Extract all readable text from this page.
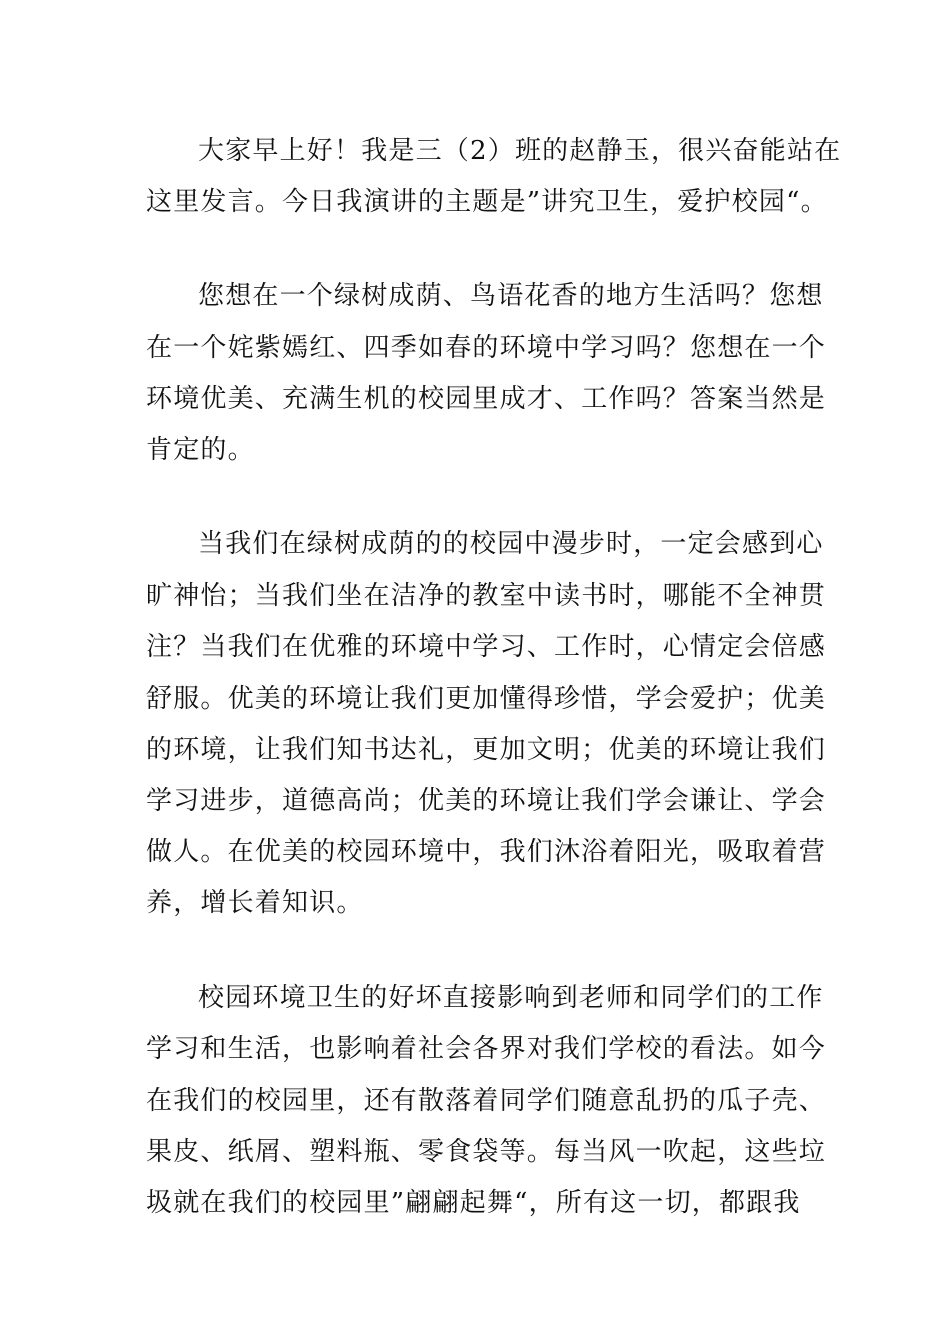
大家早上好！我是三（2）班的赵静玉，很兴奋能站在
这里发言。今日我演讲的主题是”讲究卫生，爱护校园“。
您想在一个绿树成荫、鸟语花香的地方生活吗？您想
在一个姹紫嫣红、四季如春的环境中学习吗？您想在一个
环境优美、充满生机的校园里成才、工作吗？答案当然是
肯定的。
当我们在绿树成荫的的校园中漫步时，一定会感到心
旷神怡；当我们坐在洁净的教室中读书时，哪能不全神贯
注？当我们在优雅的环境中学习、工作时，心情定会倍感
舒服。优美的环境让我们更加懂得珍惜，学会爱护；优美
的环境，让我们知书达礼，更加文明；优美的环境让我们
学习进步，道德高尚；优美的环境让我们学会谦让、学会
做人。在优美的校园环境中，我们沐浴着阳光，吸取着营
养，增长着知识。
校园环境卫生的好坏直接影响到老师和同学们的工作
学习和生活，也影响着社会各界对我们学校的看法。如今
在我们的校园里，还有散落着同学们随意乱扔的瓜子壳、
果皮、纸屑、塑料瓶、零食袋等。每当风一吹起，这些垃
圾就在我们的校园里”翩翩起舞“，所有这一切，都跟我
